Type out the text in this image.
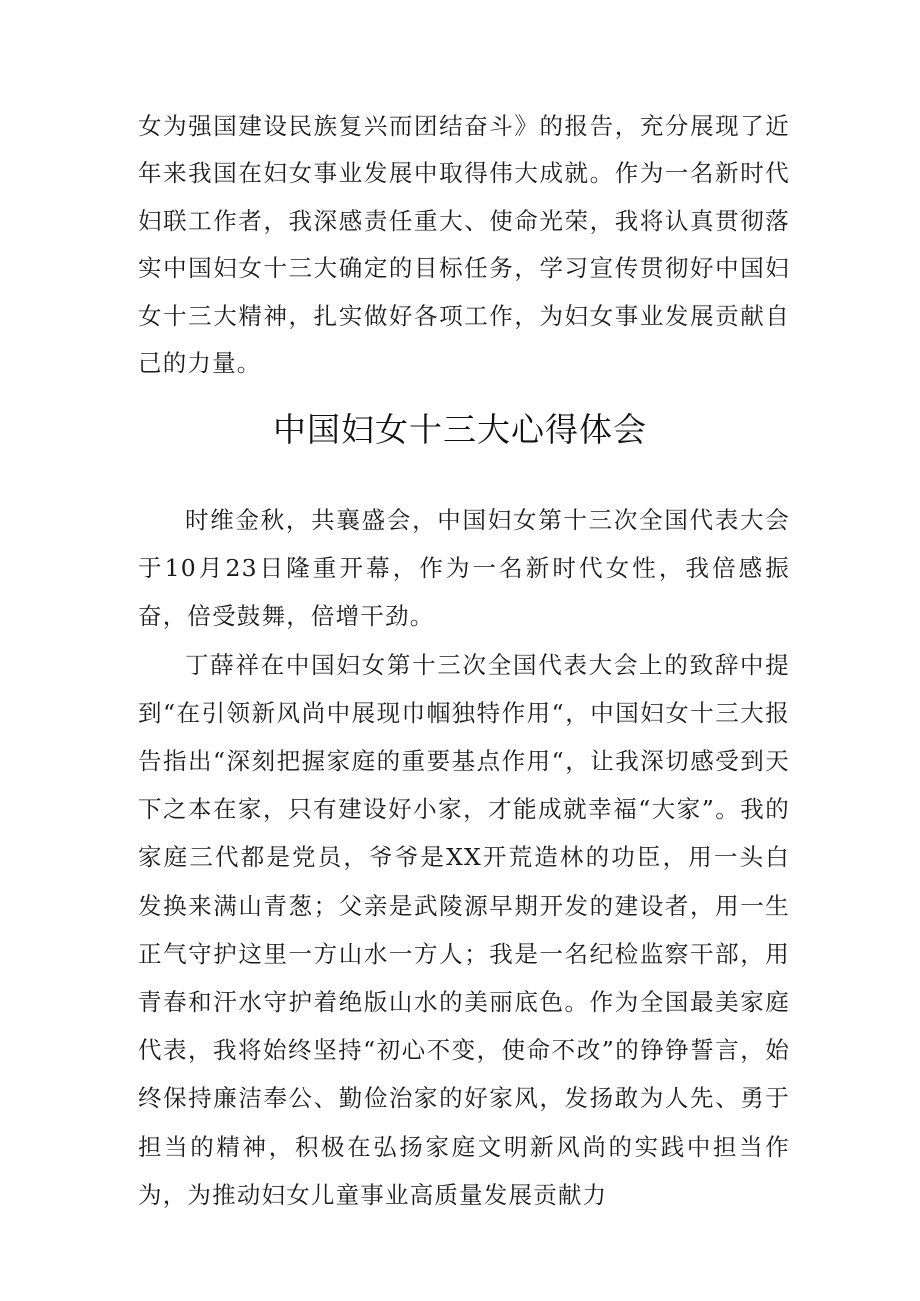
女为强国建设民族复兴而团结奋斗》的报告，充分展现了近年来我国在妇女事业发展中取得伟大成就。作为一名新时代妇联工作者，我深感责任重大、使命光荣，我将认真贯彻落实中国妇女十三大确定的目标任务，学习宣传贯彻好中国妇女十三大精神，扎实做好各项工作，为妇女事业发展贡献自己的力量。

中国妇女十三大心得体会

时维金秋，共襄盛会，中国妇女第十三次全国代表大会于10月23日隆重开幕，作为一名新时代女性，我倍感振奋，倍受鼓舞，倍增干劲。

丁薛祥在中国妇女第十三次全国代表大会上的致辞中提到“在引领新风尚中展现巾帼独特作用“，中国妇女十三大报告指出“深刻把握家庭的重要基点作用“，让我深切感受到天下之本在家，只有建设好小家，才能成就幸福“大家”。我的家庭三代都是党员，爷爷是XX开荒造林的功臣，用一头白发换来满山青葱；父亲是武陵源早期开发的建设者，用一生正气守护这里一方山水一方人；我是一名纪检监察干部，用青春和汗水守护着绝版山水的美丽底色。作为全国最美家庭代表，我将始终坚持“初心不变，使命不改”的铮铮誓言，始终保持廉洁奉公、勤俭治家的好家风，发扬敢为人先、勇于担当的精神，积极在弘扬家庭文明新风尚的实践中担当作为，为推动妇女儿童事业高质量发展贡献力
